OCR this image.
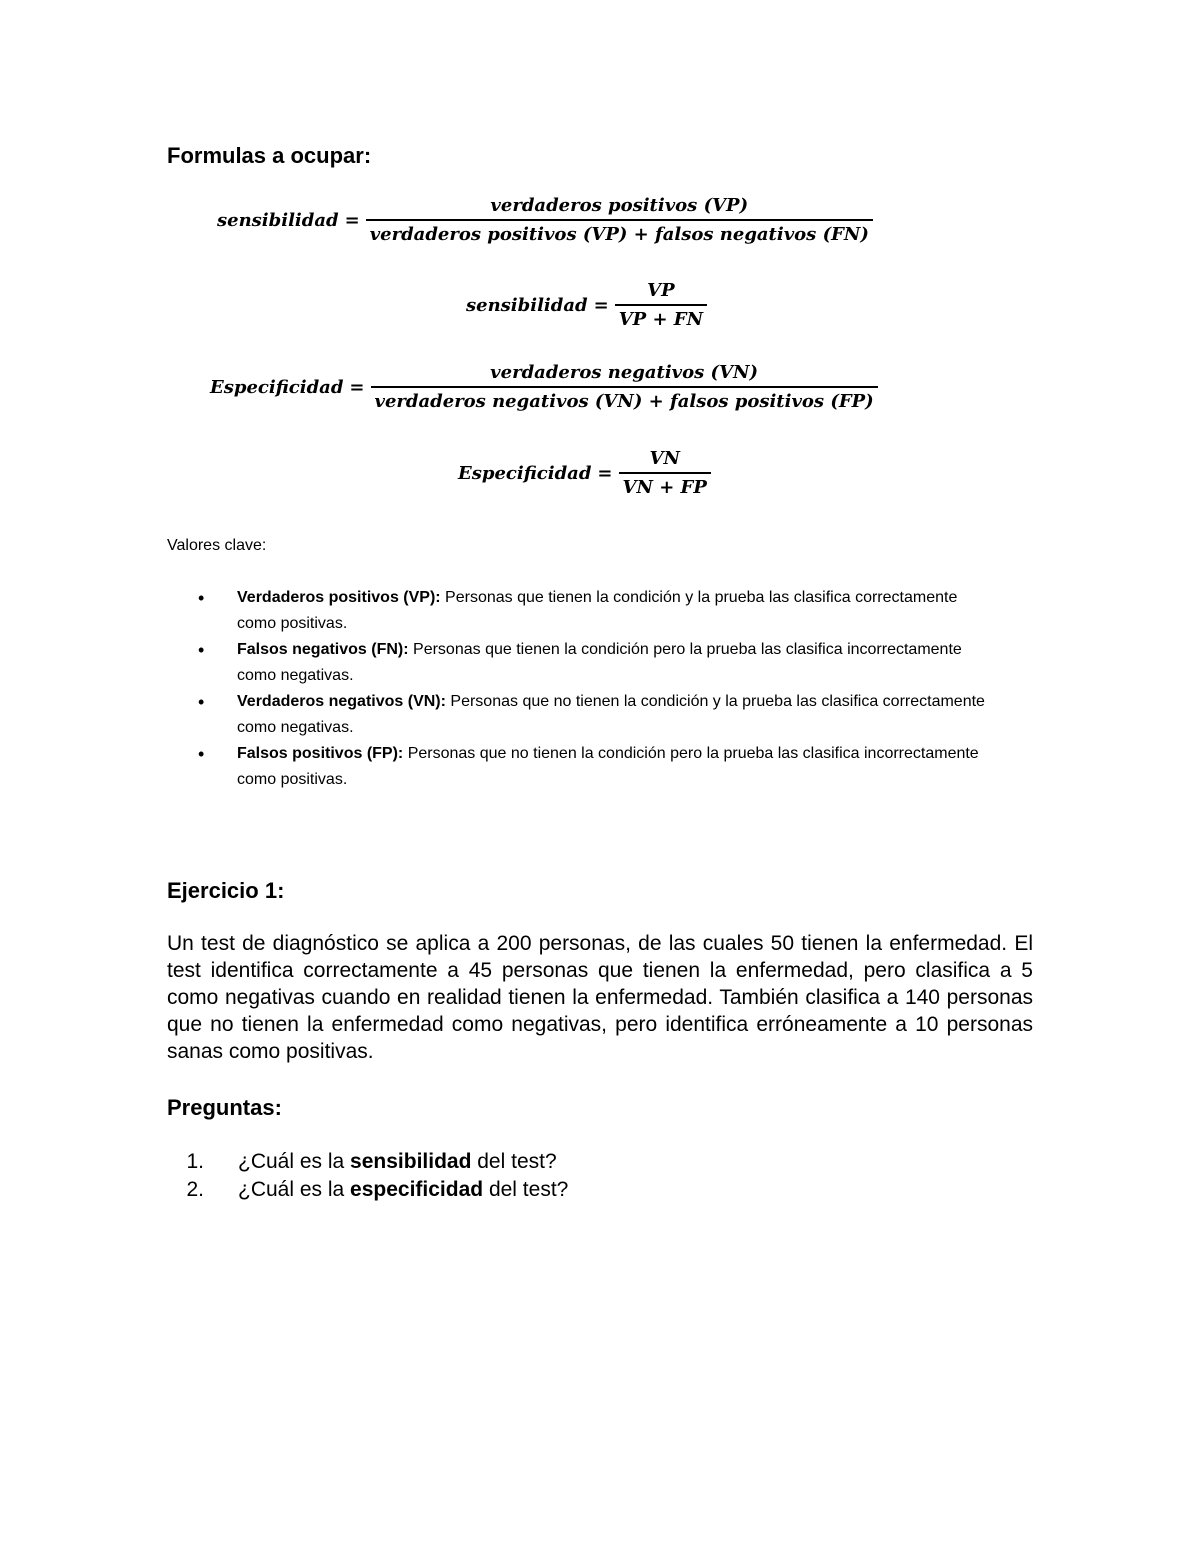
Formulas a ocupar:
sensibilidad = $\frac{\text{verdaderos positivos (VP)}}{\text{verdaderos positivos (VP) + falsos negativos (FN)}}$
sensibilidad = $\frac{VP}{VP + FN}$
Especificidad = $\frac{\text{verdaderos negativos (VN)}}{\text{verdaderos negativos (VN) + falsos positivos (FP)}}$
Especificidad = $\frac{VN}{VN + FP}$

Valores clave:

• Verdaderos positivos (VP): Personas que tienen la condición y la prueba las clasifica correctamente como positivas.
• Falsos negativos (FN): Personas que tienen la condición pero la prueba las clasifica incorrectamente como negativas.
• Verdaderos negativos (VN): Personas que no tienen la condición y la prueba las clasifica correctamente como negativas.
• Falsos positivos (FP): Personas que no tienen la condición pero la prueba las clasifica incorrectamente como positivas.
Ejercicio 1:

Un test de diagnóstico se aplica a 200 personas, de las cuales 50 tienen la enfermedad. El test identifica correctamente a 45 personas que tienen la enfermedad, pero clasifica a 5 como negativas cuando en realidad tienen la enfermedad. También clasifica a 140 personas que no tienen la enfermedad como negativas, pero identifica erróneamente a 10 personas sanas como positivas.

Preguntas:
1.	¿Cuál es la sensibilidad del test?
2.	¿Cuál es la especificidad del test?
